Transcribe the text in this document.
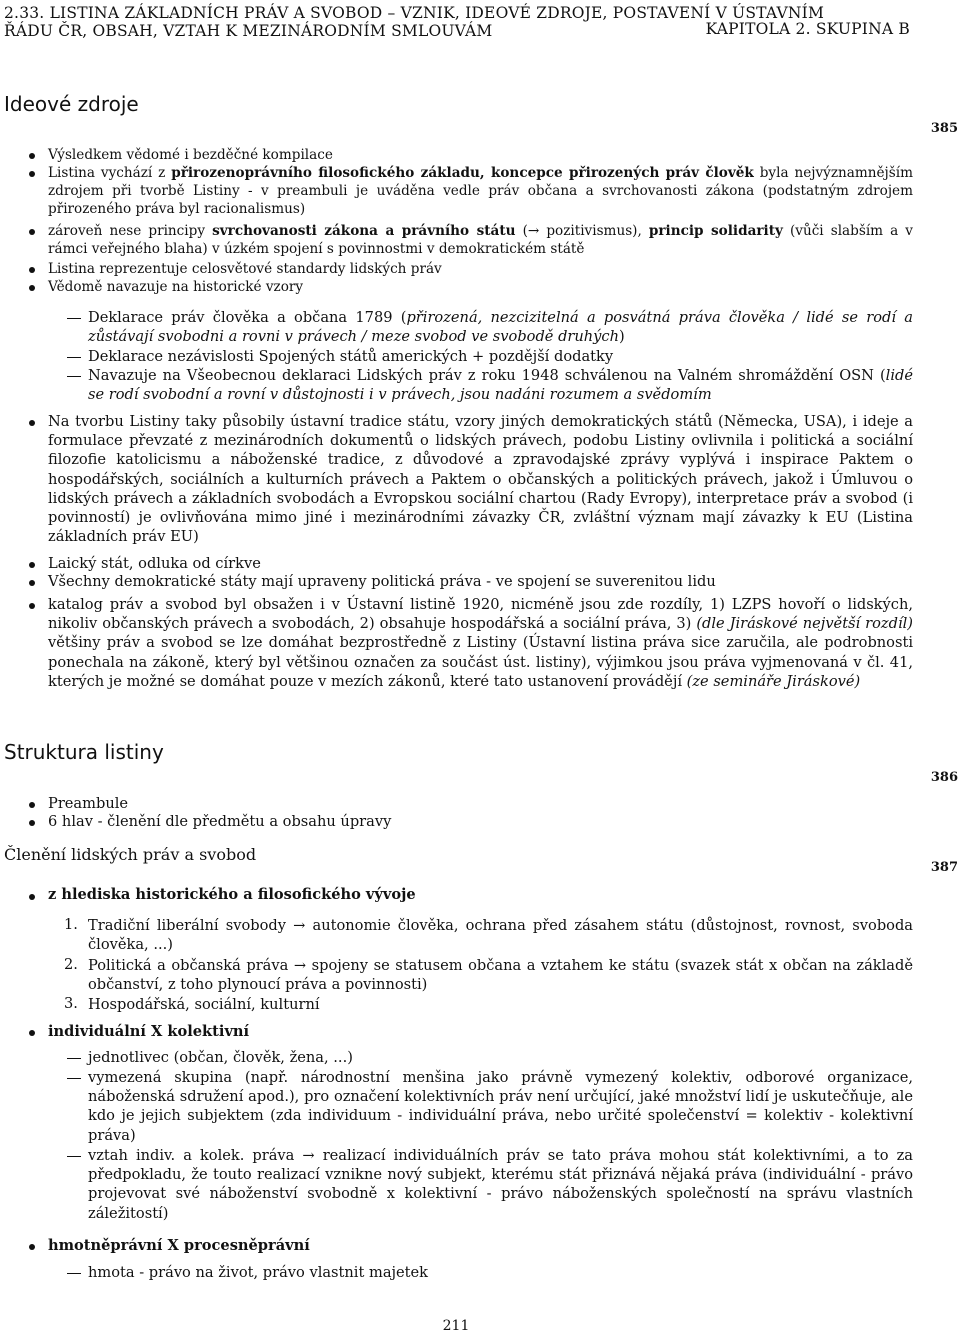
2.33. LISTINA ZÁKLADNÍCH PRÁV A SVOBOD – VZNIK, IDEOVÉ ZDROJE, POSTAVENÍ V ÚSTAVNÍM
ŘÁDU ČR, OBSAH, VZTAH K MEZINÁRODNÍM SMLOUVÁM	KAPITOLA 2. SKUPINA B
Ideové zdroje
385
Výsledkem vědomé i bezděčné kompilace
Listina vychází z přirozenoprávního filosofického základu, koncepce přirozených práv člověk byla nejvýznamnějším zdrojem při tvorbě Listiny - v preambuli je uváděna vedle práv občana a svrchovanosti zákona (podstatným zdrojem přirozeného práva byl racionalismus)
zároveň nese principy svrchovanosti zákona a právního státu (→ pozitivismus), princip solidarity (vůči slabším a v rámci veřejného blaha) v úzkém spojení s povinnostmi v demokratickém státě
Listina reprezentuje celosvětové standardy lidských práv
Vědomě navazuje na historické vzory
Deklarace práv člověka a občana 1789 (přirozená, nezcizitelná a posvátná práva člověka / lidé se rodí a zůstávají svobodni a rovni v právech / meze svobod ve svobodě druhých)
Deklarace nezávislosti Spojených států amerických + pozdější dodatky
Navazuje na Všeobecnou deklaraci Lidských práv z roku 1948 schválenou na Valném shromáždění OSN (lidé se rodí svobodní a rovní v důstojnosti i v právech, jsou nadáni rozumem a svědomím
Na tvorbu Listiny taky působily ústavní tradice státu, vzory jiných demokratických států (Německa, USA), i ideje a formulace převzaté z mezinárodních dokumentů o lidských právech, podobu Listiny ovlivnila i politická a sociální filozofie katolicismu a náboženské tradice, z důvodové a zpravodajské zprávy vyplývá i inspirace Paktem o hospodářských, sociálních a kulturních právech a Paktem o občanských a politických právech, jakož i Úmluvou o lidských právech a základních svobodách a Evropskou sociální chartou (Rady Evropy), interpretace práv a svobod (i povinností) je ovlivňována mimo jiné i mezinárodními závazky ČR, zvláštní význam mají závazky k EU (Listina základních práv EU)
Laický stát, odluka od církve
Všechny demokratické státy mají upraveny politická práva - ve spojení se suverenitou lidu
katalog práv a svobod byl obsažen i v Ústavní listině 1920, nicméně jsou zde rozdíly, 1) LZPS hovoří o lidských, nikoliv občanských právech a svobodách, 2) obsahuje hospodářská a sociální práva, 3) (dle Jiráskové největší rozdíl) většiny práv a svobod se lze domáhat bezprostředně z Listiny (Ústavní listina práva sice zaručila, ale podrobnosti ponechala na zákoně, který byl většinou označen za součást úst. listiny), výjimkou jsou práva vyjmenovaná v čl. 41, kterých je možné se domáhat pouze v mezích zákonů, které tato ustanovení provádějí (ze semináře Jiráskové)
Struktura listiny
386
Preambule
6 hlav - členění dle předmětu a obsahu úpravy
Členění lidských práv a svobod
387
z hlediska historického a filosofického vývoje
1. Tradiční liberální svobody → autonomie člověka, ochrana před zásahem státu (důstojnost, rovnost, svoboda člověka, ...)
2. Politická a občanská práva → spojeny se statusem občana a vztahem ke státu (svazek stát x občan na základě občanství, z toho plynoucí práva a povinnosti)
3. Hospodářská, sociální, kulturní
individuální X kolektivní
jednotlivec (občan, člověk, žena, ...)
vymezená skupina (např. národnostní menšina jako právně vymezený kolektiv, odborové organizace, náboženská sdružení apod.), pro označení kolektivních práv není určující, jaké množství lidí je uskutečňuje, ale kdo je jejich subjektem (zda individuum - individuální práva, nebo určité společenství = kolektiv - kolektivní práva)
vztah indiv. a kolek. práva → realizací individuálních práv se tato práva mohou stát kolektivními, a to za předpokladu, že touto realizací vznikne nový subjekt, kterému stát přiznává nějaká práva (individuální - právo projevovat své náboženství svobodně x kolektivní - právo náboženských společností na správu vlastních záležitostí)
hmotněprávní X procesněprávní
hmota - právo na život, právo vlastnit majetek
211
